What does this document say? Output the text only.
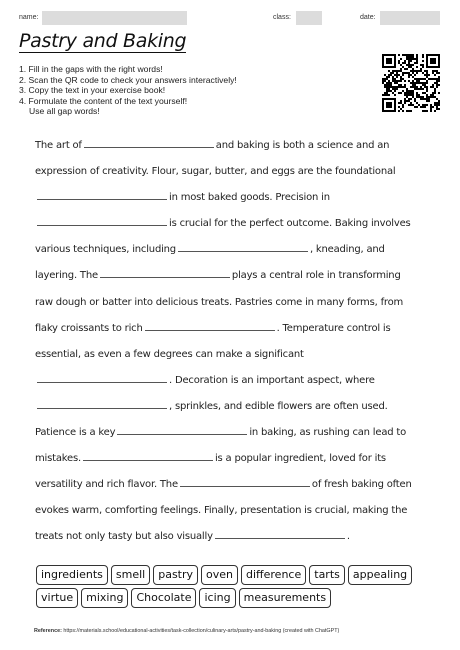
name:	class:	date:
Pastry and Baking
1. Fill in the gaps with the right words!
2. Scan the QR code to check your answers interactively!
3. Copy the text in your exercise book!
4. Formulate the content of the text yourself!
Use all gap words!
The art of	and baking is both a science and an
expression of creativity. Flour, sugar, butter, and eggs are the foundational
in most baked goods. Precision in
is crucial for the perfect outcome. Baking involves
various techniques, including	, kneading, and
layering. The	plays a central role in transforming
raw dough or batter into delicious treats. Pastries come in many forms, from
flaky croissants to rich	. Temperature control is
essential, as even a few degrees can make a significant
. Decoration is an important aspect, where
, sprinkles, and edible flowers are often used.
Patience is a key	in baking, as rushing can lead to
mistakes.	is a popular ingredient, loved for its
versatility and rich flavor. The	of fresh baking often
evokes warm, comforting feelings. Finally, presentation is crucial, making the
treats not only tasty but also visually	.
ingredients	smell	pastry	oven	difference	tarts	appealing
virtue	mixing	Chocolate	icing	measurements
Reference: https://materials.school/educational-activities/task-collection/culinary-arts/pastry-and-baking (created with ChatGPT)
